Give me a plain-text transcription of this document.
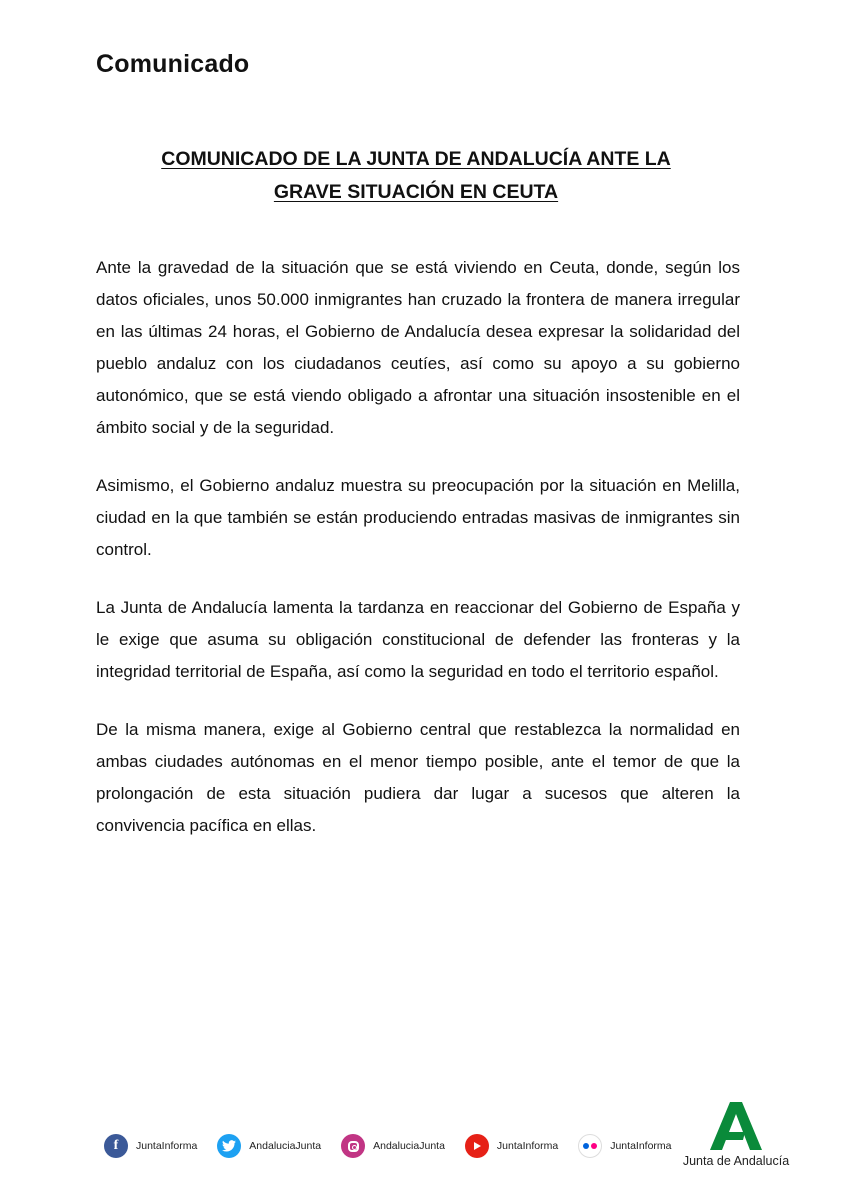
Comunicado
COMUNICADO DE LA JUNTA DE ANDALUCÍA ANTE LA
GRAVE SITUACIÓN EN CEUTA

Ante la gravedad de la situación que se está viviendo en Ceuta, donde, según los datos oficiales, unos 50.000 inmigrantes han cruzado la frontera de manera irregular en las últimas 24 horas, el Gobierno de Andalucía desea expresar la solidaridad del pueblo andaluz con los ciudadanos ceutíes, así como su apoyo a su gobierno autonómico, que se está viendo obligado a afrontar una situación insostenible en el ámbito social y de la seguridad.

Asimismo, el Gobierno andaluz muestra su preocupación por la situación en Melilla, ciudad en la que también se están produciendo entradas masivas de inmigrantes sin control.

La Junta de Andalucía lamenta la tardanza en reaccionar del Gobierno de España y le exige que asuma su obligación constitucional de defender las fronteras y la integridad territorial de España, así como la seguridad en todo el territorio español.

De la misma manera, exige al Gobierno central que restablezca la normalidad en ambas ciudades autónomas en el menor tiempo posible, ante el temor de que la prolongación de esta situación pudiera dar lugar a sucesos que alteren la convivencia pacífica en ellas.

f	JuntaInforma	AndaluciaJunta	AndaluciaJunta	JuntaInforma	JuntaInforma
Junta de Andalucía
